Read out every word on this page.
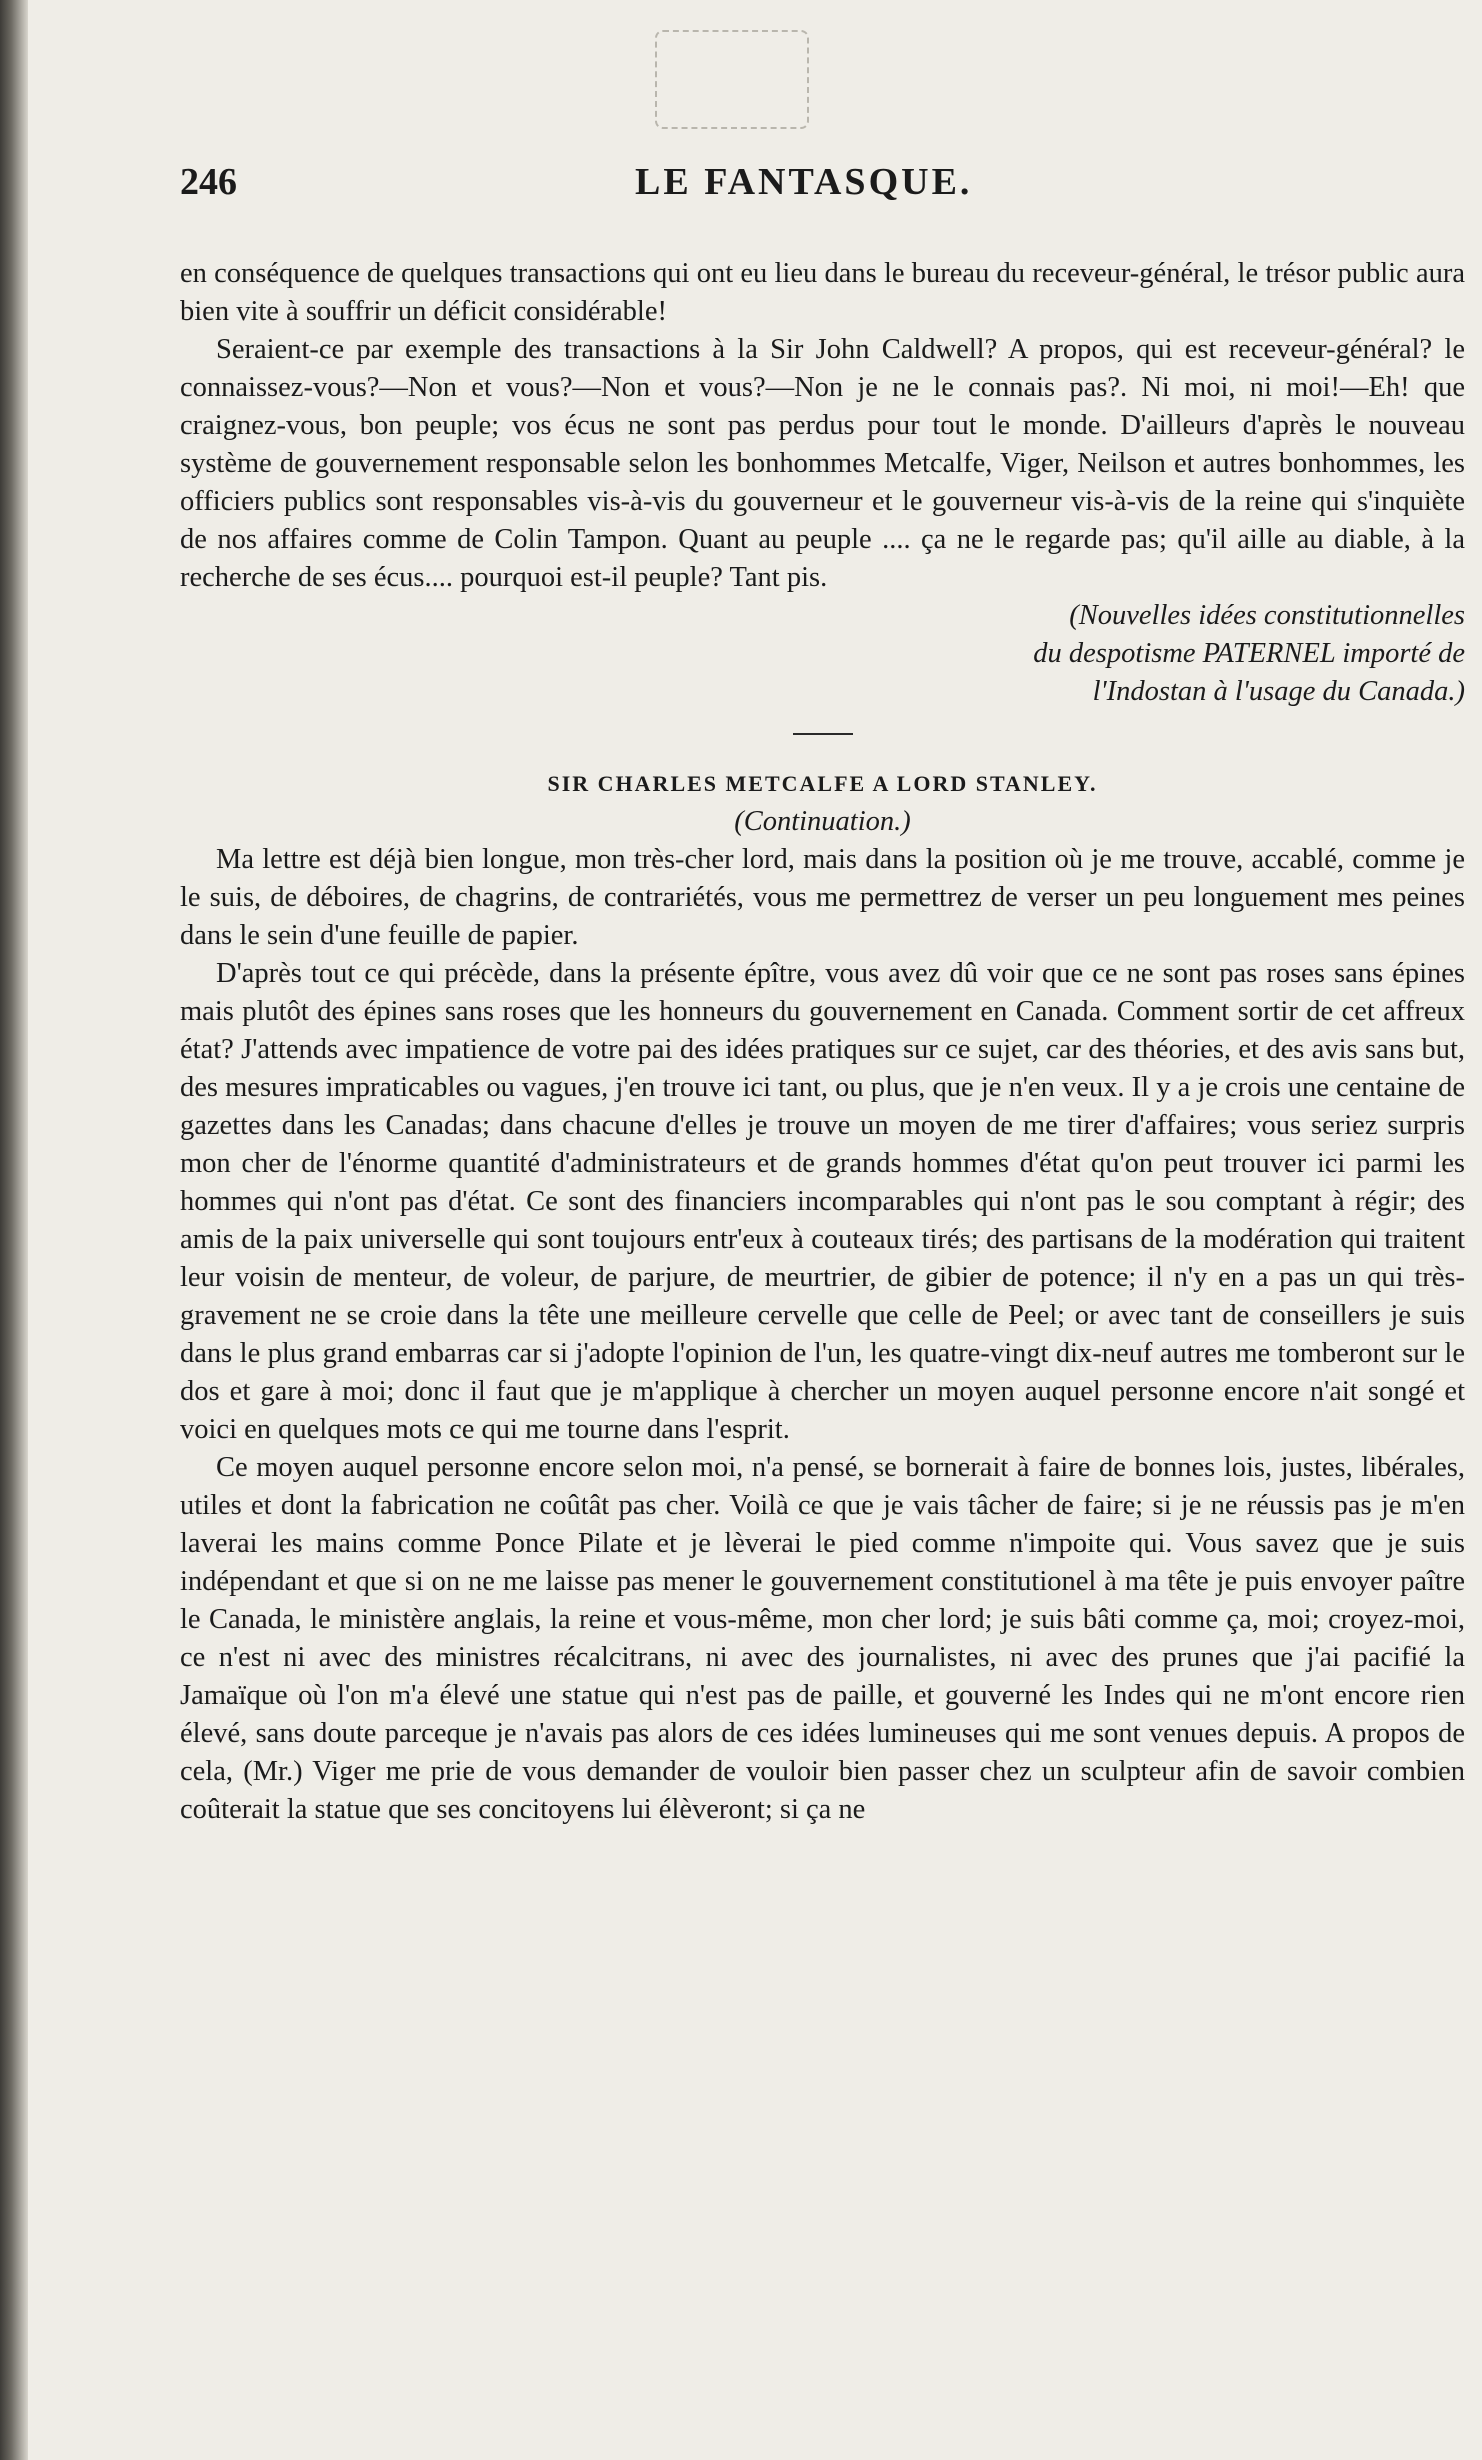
246	LE FANTASQUE.

en conséquence de quelques transactions qui ont eu lieu dans le bureau du receveur-général, le trésor public aura bien vite à souffrir un déficit considérable!

Seraient-ce par exemple des transactions à la Sir John Caldwell? A propos, qui est receveur-général? le connaissez-vous?—Non et vous?—Non et vous?—Non je ne le connais pas?. Ni moi, ni moi!—Eh! que craignez-vous, bon peuple; vos écus ne sont pas perdus pour tout le monde. D'ailleurs d'après le nouveau système de gouvernement responsable selon les bonhommes Metcalfe, Viger, Neilson et autres bonhommes, les officiers publics sont responsables vis-à-vis du gouverneur et le gouverneur vis-à-vis de la reine qui s'inquiète de nos affaires comme de Colin Tampon. Quant au peuple .... ça ne le regarde pas; qu'il aille au diable, à la recherche de ses écus.... pourquoi est-il peuple? Tant pis.

(Nouvelles idées constitutionnelles

du despotisme PATERNEL importé de

l'Indostan à l'usage du Canada.)

SIR CHARLES METCALFE A LORD STANLEY.

(Continuation.)

Ma lettre est déjà bien longue, mon très-cher lord, mais dans la position où je me trouve, accablé, comme je le suis, de déboires, de chagrins, de contrariétés, vous me permettrez de verser un peu longuement mes peines dans le sein d'une feuille de papier.

D'après tout ce qui précède, dans la présente épître, vous avez dû voir que ce ne sont pas roses sans épines mais plutôt des épines sans roses que les honneurs du gouvernement en Canada. Comment sortir de cet affreux état? J'attends avec impatience de votre pai des idées pratiques sur ce sujet, car des théories, et des avis sans but, des mesures impraticables ou vagues, j'en trouve ici tant, ou plus, que je n'en veux. Il y a je crois une centaine de gazettes dans les Canadas; dans chacune d'elles je trouve un moyen de me tirer d'affaires; vous seriez surpris mon cher de l'énorme quantité d'administrateurs et de grands hommes d'état qu'on peut trouver ici parmi les hommes qui n'ont pas d'état. Ce sont des financiers incomparables qui n'ont pas le sou comptant à régir; des amis de la paix universelle qui sont toujours entr'eux à couteaux tirés; des partisans de la modération qui traitent leur voisin de menteur, de voleur, de parjure, de meurtrier, de gibier de potence; il n'y en a pas un qui très-gravement ne se croie dans la tête une meilleure cervelle que celle de Peel; or avec tant de conseillers je suis dans le plus grand embarras car si j'adopte l'opinion de l'un, les quatre-vingt dix-neuf autres me tomberont sur le dos et gare à moi; donc il faut que je m'applique à chercher un moyen auquel personne encore n'ait songé et voici en quelques mots ce qui me tourne dans l'esprit.

Ce moyen auquel personne encore selon moi, n'a pensé, se bornerait à faire de bonnes lois, justes, libérales, utiles et dont la fabrication ne coûtât pas cher. Voilà ce que je vais tâcher de faire; si je ne réussis pas je m'en laverai les mains comme Ponce Pilate et je lèverai le pied comme n'impoite qui. Vous savez que je suis indépendant et que si on ne me laisse pas mener le gouvernement constitutionel à ma tête je puis envoyer paître le Canada, le ministère anglais, la reine et vous-même, mon cher lord; je suis bâti comme ça, moi; croyez-moi, ce n'est ni avec des ministres récalcitrans, ni avec des journalistes, ni avec des prunes que j'ai pacifié la Jamaïque où l'on m'a élevé une statue qui n'est pas de paille, et gouverné les Indes qui ne m'ont encore rien élevé, sans doute parceque je n'avais pas alors de ces idées lumineuses qui me sont venues depuis. A propos de cela, (Mr.) Viger me prie de vous demander de vouloir bien passer chez un sculpteur afin de savoir combien coûterait la statue que ses concitoyens lui élèveront; si ça ne
